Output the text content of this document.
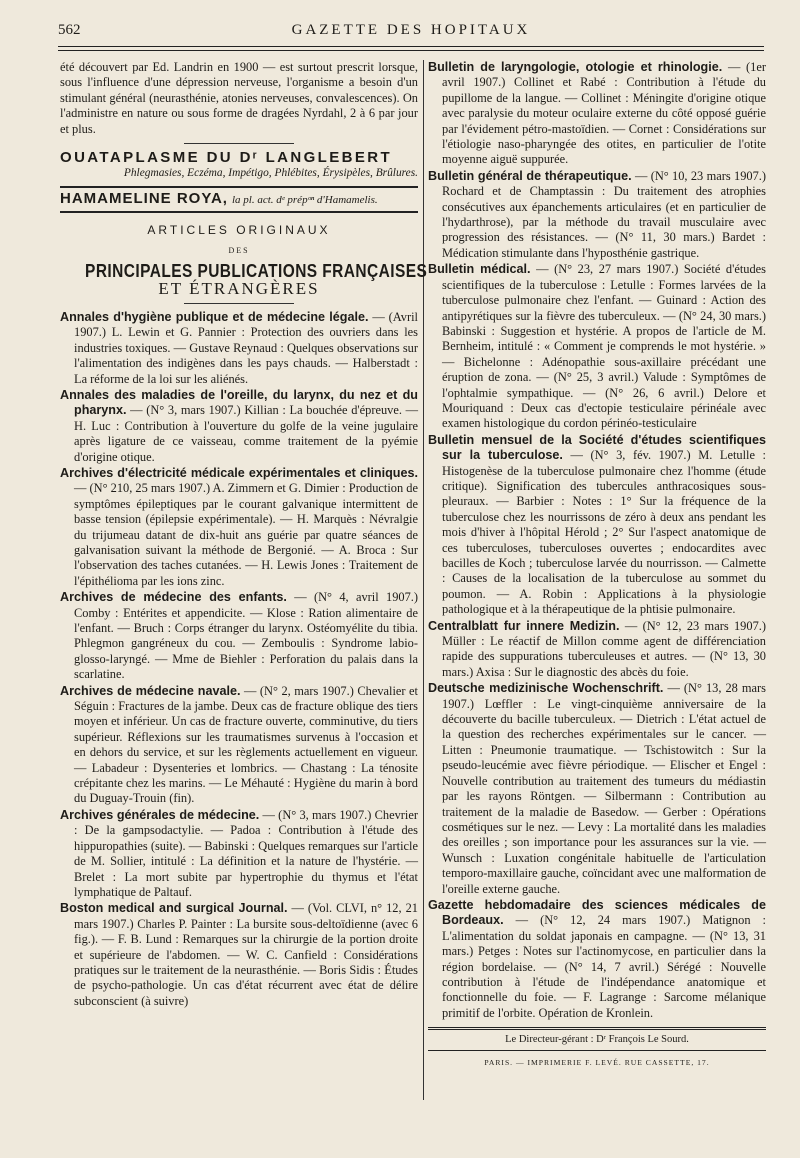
562	GAZETTE DES HOPITAUX

été découvert par Ed. Landrin en 1900 — est surtout prescrit lorsque, sous l'influence d'une dépression nerveuse, l'organisme a besoin d'un stimulant général (neurasthénie, atonies nerveuses, convalescences). On l'administre en nature ou sous forme de dragées Nyrdahl, 2 à 6 par jour et plus.

OUATAPLASME DU Dʳ LANGLEBERT
Phlegmasies, Eczéma, Impétigo, Phlébites, Érysipèles, Brûlures.
HAMAMELINE ROYA, la pl. act. dᵉ prépᵒⁿ d'Hamamelis.
ARTICLES ORIGINAUX
DES
PRINCIPALES PUBLICATIONS FRANÇAISES
ET ÉTRANGÈRES

Annales d'hygiène publique et de médecine légale. — (Avril 1907.) L. Lewin et G. Pannier : Protection des ouvriers dans les industries toxiques. — Gustave Reynaud : Quelques observations sur l'alimentation des indigènes dans les pays chauds. — Halberstadt : La réforme de la loi sur les aliénés.

Annales des maladies de l'oreille, du larynx, du nez et du pharynx. — (N° 3, mars 1907.) Killian : La bouchée d'épreuve. — H. Luc : Contribution à l'ouverture du golfe de la veine jugulaire après ligature de ce vaisseau, comme traitement de la pyémie d'origine otique.

Archives d'électricité médicale expérimentales et cliniques. — (N° 210, 25 mars 1907.) A. Zimmern et G. Dimier : Production de symptômes épileptiques par le courant galvanique intermittent de basse tension (épilepsie expérimentale). — H. Marquès : Névralgie du trijumeau datant de dix-huit ans guérie par quatre séances de galvanisation suivant la méthode de Bergonié. — A. Broca : Sur l'observation des taches cutanées. — H. Lewis Jones : Traitement de l'épithélioma par les ions zinc.

Archives de médecine des enfants. — (N° 4, avril 1907.) Comby : Entérites et appendicite. — Klose : Ration alimentaire de l'enfant. — Bruch : Corps étranger du larynx. Ostéomyélite du tibia. Phlegmon gangréneux du cou. — Zemboulis : Syndrome labio-glosso-laryngé. — Mme de Biehler : Perforation du palais dans la scarlatine.

Archives de médecine navale. — (N° 2, mars 1907.) Chevalier et Séguin : Fractures de la jambe. Deux cas de fracture oblique des tiers moyen et inférieur. Un cas de fracture ouverte, comminutive, du tiers supérieur. Réflexions sur les traumatismes survenus à l'occasion et en dehors du service, et sur les règlements actuellement en vigueur. — Labadeur : Dysenteries et lombrics. — Chastang : La ténosite crépitante chez les marins. — Le Méhauté : Hygiène du marin à bord du Duguay-Trouin (fin).

Archives générales de médecine. — (N° 3, mars 1907.) Chevrier : De la gampsodactylie. — Padoa : Contribution à l'étude des hippuropathies (suite). — Babinski : Quelques remarques sur l'article de M. Sollier, intitulé : La définition et la nature de l'hystérie. — Brelet : La mort subite par hypertrophie du thymus et l'état lymphatique de Paltauf.

Boston medical and surgical Journal. — (Vol. CLVI, n° 12, 21 mars 1907.) Charles P. Painter : La bursite sous-deltoïdienne (avec 6 fig.). — F. B. Lund : Remarques sur la chirurgie de la portion droite et supérieure de l'abdomen. — W. C. Canfield : Considérations pratiques sur le traitement de la neurasthénie. — Boris Sidis : Études de psycho-pathologie. Un cas d'état récurrent avec état de délire subconscient (à suivre)

Bulletin de laryngologie, otologie et rhinologie. — (1er avril 1907.) Collinet et Rabé : Contribution à l'étude du pupillome de la langue. — Collinet : Méningite d'origine otique avec paralysie du moteur oculaire externe du côté opposé guérie par l'évidement pétro-mastoïdien. — Cornet : Considérations sur l'étiologie naso-pharyngée des otites, en particulier de l'otite moyenne aiguë suppurée.

Bulletin général de thérapeutique. — (N° 10, 23 mars 1907.) Rochard et de Champtassin : Du traitement des atrophies consécutives aux épanchements articulaires (et en particulier de l'hydarthrose), par la méthode du travail musculaire avec progression des résistances. — (N° 11, 30 mars.) Bardet : Médication stimulante dans l'hyposthénie gastrique.

Bulletin médical. — (N° 23, 27 mars 1907.) Société d'études scientifiques de la tuberculose : Letulle : Formes larvées de la tuberculose pulmonaire chez l'enfant. — Guinard : Action des antipyrétiques sur la fièvre des tuberculeux. — (N° 24, 30 mars.) Babinski : Suggestion et hystérie. A propos de l'article de M. Bernheim, intitulé : « Comment je comprends le mot hystérie. » — Bichelonne : Adénopathie sous-axillaire précédant une éruption de zona. — (N° 25, 3 avril.) Valude : Symptômes de l'ophtalmie sympathique. — (N° 26, 6 avril.) Delore et Mouriquand : Deux cas d'ectopie testiculaire périnéale avec examen histologique du cordon périnéo-testiculaire

Bulletin mensuel de la Société d'études scientifiques sur la tuberculose. — (N° 3, fév. 1907.) M. Letulle : Histogenèse de la tuberculose pulmonaire chez l'homme (étude critique). Signification des tubercules anthracosiques sous-pleuraux. — Barbier : Notes : 1° Sur la fréquence de la tuberculose chez les nourrissons de zéro à deux ans pendant les mois d'hiver à l'hôpital Hérold ; 2° Sur l'aspect anatomique de ces tuberculoses, tuberculoses ouvertes ; endocardites avec bacilles de Koch ; tuberculose larvée du nourrisson. — Calmette : Causes de la localisation de la tuberculose au sommet du poumon. — A. Robin : Applications à la physiologie pathologique et à la thérapeutique de la phtisie pulmonaire.

Centralblatt fur innere Medizin. — (N° 12, 23 mars 1907.) Müller : Le réactif de Millon comme agent de différenciation rapide des suppurations tuberculeuses et autres. — (N° 13, 30 mars.) Axisa : Sur le diagnostic des abcès du foie.

Deutsche medizinische Wochenschrift. — (N° 13, 28 mars 1907.) Lœffler : Le vingt-cinquième anniversaire de la découverte du bacille tuberculeux. — Dietrich : L'état actuel de la question des recherches expérimentales sur le cancer. — Litten : Pneumonie traumatique. — Tschistowitch : Sur la pseudo-leucémie avec fièvre périodique. — Elischer et Engel : Nouvelle contribution au traitement des tumeurs du médiastin par les rayons Röntgen. — Silbermann : Contribution au traitement de la maladie de Basedow. — Gerber : Opérations cosmétiques sur le nez. — Levy : La mortalité dans les maladies des oreilles ; son importance pour les assurances sur la vie. — Wunsch : Luxation congénitale habituelle de l'articulation temporo-maxillaire gauche, coïncidant avec une malformation de l'oreille externe gauche.

Gazette hebdomadaire des sciences médicales de Bordeaux. — (N° 12, 24 mars 1907.) Matignon : L'alimentation du soldat japonais en campagne. — (N° 13, 31 mars.) Petges : Notes sur l'actinomycose, en particulier dans la région bordelaise. — (N° 14, 7 avril.) Sérégé : Nouvelle contribution à l'étude de l'indépendance anatomique et fonctionnelle du foie. — F. Lagrange : Sarcome mélanique primitif de l'orbite. Opération de Kronlein.

Le Directeur-gérant : Dʳ François Le Sourd.
PARIS. — IMPRIMERIE F. LEVÉ. RUE CASSETTE, 17.
